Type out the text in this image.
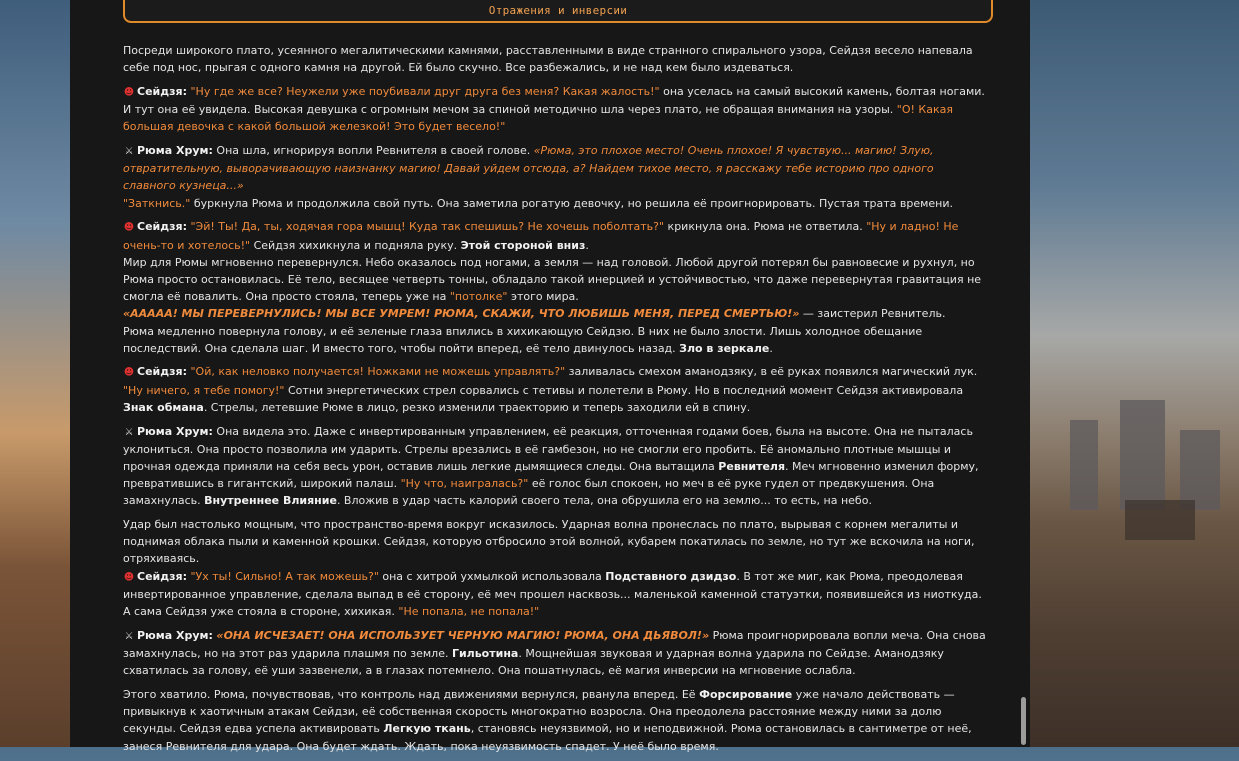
Отражения и инверсии

Посреди широкого плато, усеянного мегалитическими камнями, расставленными в виде странного спирального узора, Сейдзя весело напевала себе под нос, прыгая с одного камня на другой. Ей было скучно. Все разбежались, и не над кем было издеваться.

☻ Сейдзя: "Ну где же все? Неужели уже поубивали друг друга без меня? Какая жалость!" она уселась на самый высокий камень, болтая ногами. И тут она её увидела. Высокая девушка с огромным мечом за спиной методично шла через плато, не обращая внимания на узоры. "О! Какая большая девочка с какой большой железкой! Это будет весело!"

⚔ Рюма Хрум: Она шла, игнорируя вопли Ревнителя в своей голове. «Рюма, это плохое место! Очень плохое! Я чувствую... магию! Злую, отвратительную, выворачивающую наизнанку магию! Давай уйдем отсюда, а? Найдем тихое место, я расскажу тебе историю про одного славного кузнеца...»
"Заткнись." буркнула Рюма и продолжила свой путь. Она заметила рогатую девочку, но решила её проигнорировать. Пустая трата времени.

☻ Сейдзя: "Эй! Ты! Да, ты, ходячая гора мышц! Куда так спешишь? Не хочешь поболтать?" крикнула она. Рюма не ответила. "Ну и ладно! Не очень-то и хотелось!" Сейдзя хихикнула и подняла руку. Этой стороной вниз.
Мир для Рюмы мгновенно перевернулся. Небо оказалось под ногами, а земля — над головой. Любой другой потерял бы равновесие и рухнул, но Рюма просто остановилась. Её тело, весящее четверть тонны, обладало такой инерцией и устойчивостью, что даже перевернутая гравитация не смогла её повалить. Она просто стояла, теперь уже на "потолке" этого мира.
«ААААА! МЫ ПЕРЕВЕРНУЛИСЬ! МЫ ВСЕ УМРЕМ! РЮМА, СКАЖИ, ЧТО ЛЮБИШЬ МЕНЯ, ПЕРЕД СМЕРТЬЮ!» — заистерил Ревнитель.
Рюма медленно повернула голову, и её зеленые глаза впились в хихикающую Сейдзю. В них не было злости. Лишь холодное обещание последствий. Она сделала шаг. И вместо того, чтобы пойти вперед, её тело двинулось назад. Зло в зеркале.

☻ Сейдзя: "Ой, как неловко получается! Ножками не можешь управлять?" заливалась смехом аманодзяку, в её руках появился магический лук. "Ну ничего, я тебе помогу!" Сотни энергетических стрел сорвались с тетивы и полетели в Рюму. Но в последний момент Сейдзя активировала Знак обмана. Стрелы, летевшие Рюме в лицо, резко изменили траекторию и теперь заходили ей в спину.

⚔ Рюма Хрум: Она видела это. Даже с инвертированным управлением, её реакция, отточенная годами боев, была на высоте. Она не пыталась уклониться. Она просто позволила им ударить. Стрелы врезались в её гамбезон, но не смогли его пробить. Её аномально плотные мышцы и прочная одежда приняли на себя весь урон, оставив лишь легкие дымящиеся следы. Она вытащила Ревнителя. Меч мгновенно изменил форму, превратившись в гигантский, широкий палаш. "Ну что, наигралась?" её голос был спокоен, но меч в её руке гудел от предвкушения. Она замахнулась. Внутреннее Влияние. Вложив в удар часть калорий своего тела, она обрушила его на землю... то есть, на небо.

Удар был настолько мощным, что пространство-время вокруг исказилось. Ударная волна пронеслась по плато, вырывая с корнем мегалиты и поднимая облака пыли и каменной крошки. Сейдзя, которую отбросило этой волной, кубарем покатилась по земле, но тут же вскочила на ноги, отряхиваясь.
☻ Сейдзя: "Ух ты! Сильно! А так можешь?" она с хитрой ухмылкой использовала Подставного дзидзо. В тот же миг, как Рюма, преодолевая инвертированное управление, сделала выпад в её сторону, её меч прошел насквозь... маленькой каменной статуэтки, появившейся из ниоткуда. А сама Сейдзя уже стояла в стороне, хихикая. "Не попала, не попала!"

⚔ Рюма Хрум: «ОНА ИСЧЕЗАЕТ! ОНА ИСПОЛЬЗУЕТ ЧЕРНУЮ МАГИЮ! РЮМА, ОНА ДЬЯВОЛ!» Рюма проигнорировала вопли меча. Она снова замахнулась, но на этот раз ударила плашмя по земле. Гильотина. Мощнейшая звуковая и ударная волна ударила по Сейдзе. Аманодзяку схватилась за голову, её уши зазвенели, а в глазах потемнело. Она пошатнулась, её магия инверсии на мгновение ослабла.

Этого хватило. Рюма, почувствовав, что контроль над движениями вернулся, рванула вперед. Её Форсирование уже начало действовать — привыкнув к хаотичным атакам Сейдзи, её собственная скорость многократно возросла. Она преодолела расстояние между ними за долю секунды. Сейдзя едва успела активировать Легкую ткань, становясь неуязвимой, но и неподвижной. Рюма остановилась в сантиметре от неё, занеся Ревнителя для удара. Она будет ждать. Ждать, пока неуязвимость спадет. У неё было время.
